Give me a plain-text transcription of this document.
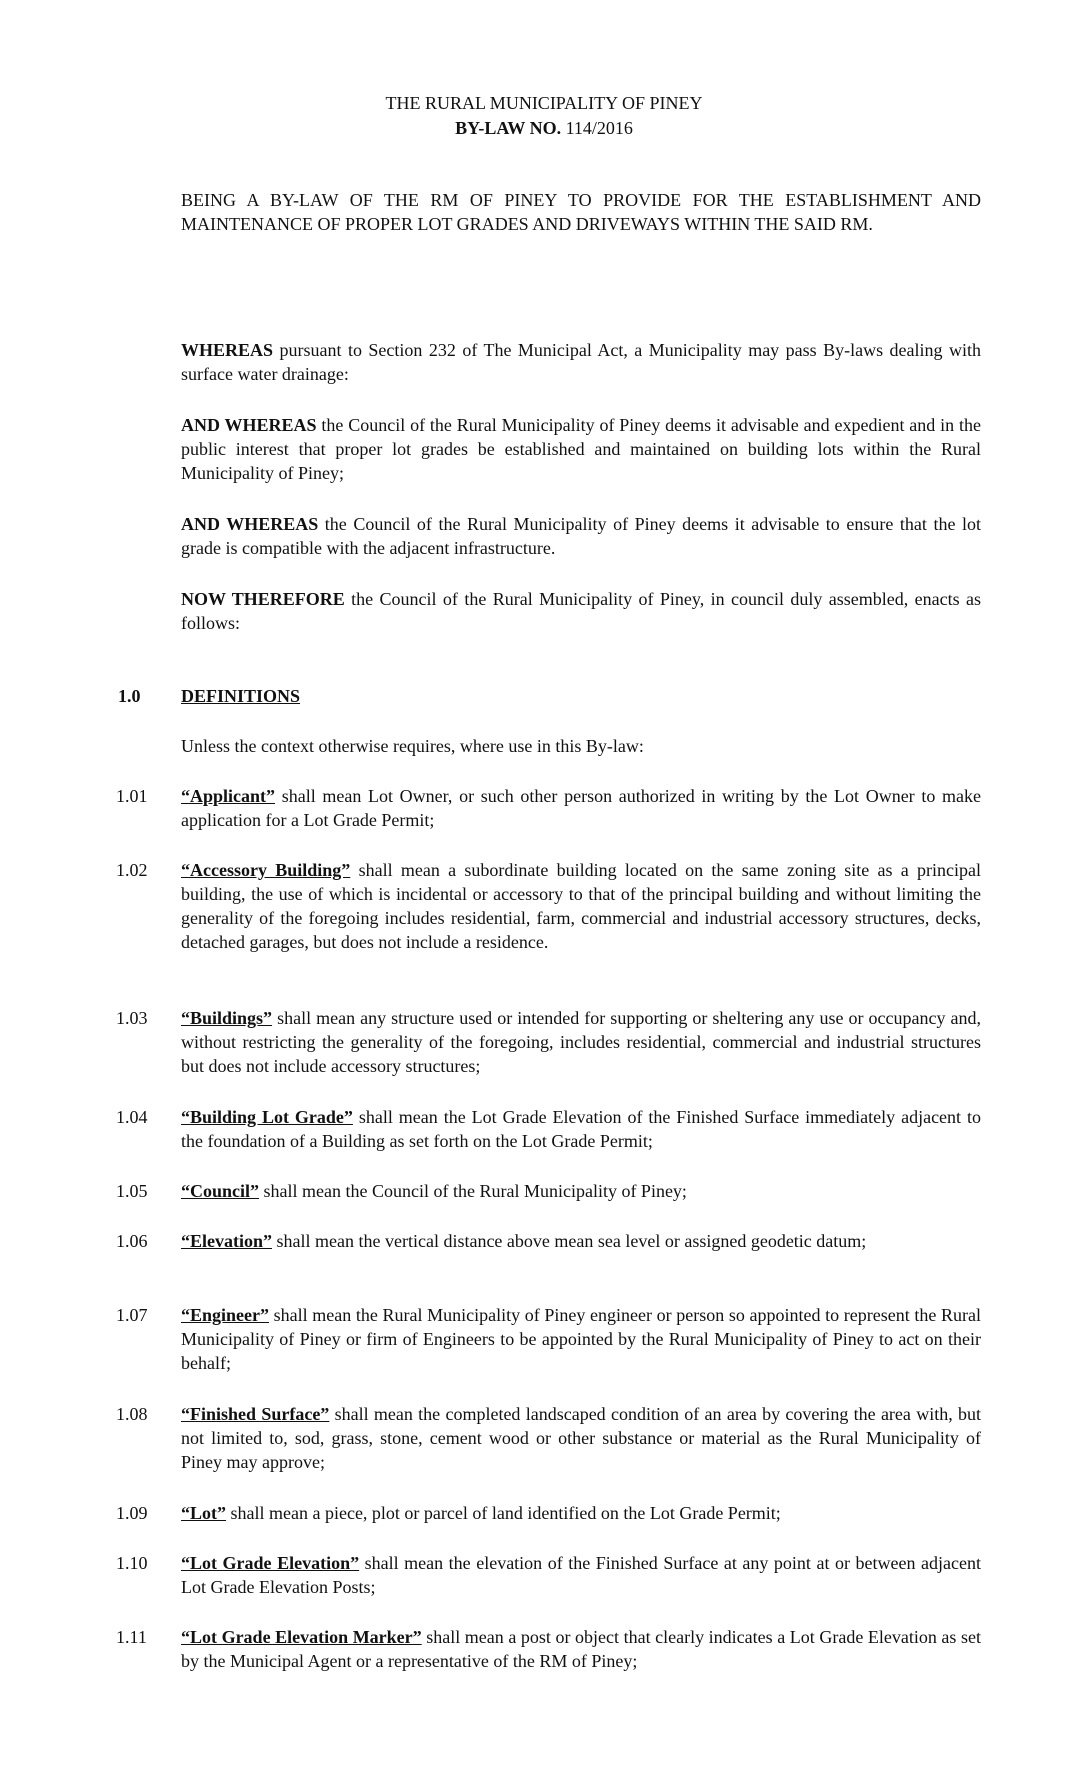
THE RURAL MUNICIPALITY OF PINEY
BY-LAW NO. 114/2016
BEING A BY-LAW OF THE RM OF PINEY TO PROVIDE FOR THE ESTABLISHMENT AND MAINTENANCE OF PROPER LOT GRADES AND DRIVEWAYS WITHIN THE SAID RM.
WHEREAS pursuant to Section 232 of The Municipal Act, a Municipality may pass By-laws dealing with surface water drainage:
AND WHEREAS the Council of the Rural Municipality of Piney deems it advisable and expedient and in the public interest that proper lot grades be established and maintained on building lots within the Rural Municipality of Piney;
AND WHEREAS the Council of the Rural Municipality of Piney deems it advisable to ensure that the lot grade is compatible with the adjacent infrastructure.
NOW THEREFORE the Council of the Rural Municipality of Piney, in council duly assembled, enacts as follows:
1.0 DEFINITIONS
Unless the context otherwise requires, where use in this By-law:
1.01 “Applicant” shall mean Lot Owner, or such other person authorized in writing by the Lot Owner to make application for a Lot Grade Permit;
1.02 “Accessory Building” shall mean a subordinate building located on the same zoning site as a principal building, the use of which is incidental or accessory to that of the principal building and without limiting the generality of the foregoing includes residential, farm, commercial and industrial accessory structures, decks, detached garages, but does not include a residence.
1.03 “Buildings” shall mean any structure used or intended for supporting or sheltering any use or occupancy and, without restricting the generality of the foregoing, includes residential, commercial and industrial structures but does not include accessory structures;
1.04 “Building Lot Grade” shall mean the Lot Grade Elevation of the Finished Surface immediately adjacent to the foundation of a Building as set forth on the Lot Grade Permit;
1.05 “Council” shall mean the Council of the Rural Municipality of Piney;
1.06 “Elevation” shall mean the vertical distance above mean sea level or assigned geodetic datum;
1.07 “Engineer” shall mean the Rural Municipality of Piney engineer or person so appointed to represent the Rural Municipality of Piney or firm of Engineers to be appointed by the Rural Municipality of Piney to act on their behalf;
1.08 “Finished Surface” shall mean the completed landscaped condition of an area by covering the area with, but not limited to, sod, grass, stone, cement wood or other substance or material as the Rural Municipality of Piney may approve;
1.09 “Lot” shall mean a piece, plot or parcel of land identified on the Lot Grade Permit;
1.10 “Lot Grade Elevation” shall mean the elevation of the Finished Surface at any point at or between adjacent Lot Grade Elevation Posts;
1.11 “Lot Grade Elevation Marker” shall mean a post or object that clearly indicates a Lot Grade Elevation as set by the Municipal Agent or a representative of the RM of Piney;
